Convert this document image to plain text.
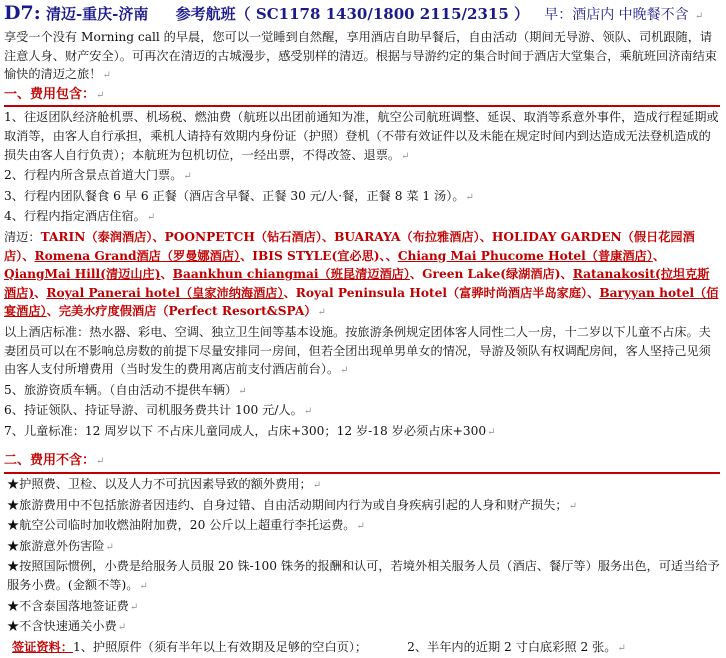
D7: 清迈-重庆-济南 参考航班（ SC1178 1430/1800 2115/2315 ） 早：酒店内 中晚餐不含 ↵

享受一个没有 Morning call 的早晨，您可以一觉睡到自然醒，享用酒店自助早餐后，自由活动（期间无导游、领队、司机跟随，请注意人身、财产安全）。可再次在清迈的古城漫步，感受别样的清迈。根据与导游约定的集合时间于酒店大堂集合，乘航班回济南结束愉快的清迈之旅！↵

一、费用包含：↵

1、往返团队经济舱机票、机场税、燃油费（航班以出团前通知为准，航空公司航班调整、延误、取消等系意外事件，造成行程延期或取消等，由客人自行承担，乘机人请持有效期内身份证（护照）登机（不带有效证件以及未能在规定时间内到达造成无法登机造成的损失由客人自行负责）；本航班为包机切位，一经出票，不得改签、退票。↵

2、行程内所含景点首道大门票。↵

3、行程内团队餐食 6 早 6 正餐（酒店含早餐、正餐 30 元/人·餐，正餐 8 菜 1 汤）。↵

4、行程内指定酒店住宿。↵

清迈：TARIN（泰润酒店）、POONPETCH（钻石酒店）、BUARAYA（布拉雅酒店）、HOLIDAY GARDEN（假日花园酒店）、Romena Grand酒店（罗曼娜酒店）、IBIS STYLE(宜必思)、、Chiang Mai Phucome Hotel（普康酒店）、QiangMai Hill(清迈山庄)、Baankhun chiangmai（班昆清迈酒店）、Green Lake(绿湖酒店)、Ratanakosit(拉坦克斯酒店)、Royal Panerai hotel（皇家沛纳海酒店）、Royal Peninsula Hotel（富骅时尚酒店半岛家庭）、Baryyan hotel（佰宴酒店）、完美水疗度假酒店（Perfect Resort&SPA）↵

以上酒店标准：热水器、彩电、空调、独立卫生间等基本设施。按旅游条例规定团体客人同性二人一房，十二岁以下儿童不占床。夫妻团员可以在不影响总房数的前提下尽量安排同一房间，但若全团出现单男单女的情况，导游及领队有权调配房间，客人坚持己见须由客人支付所增费用（当时发生的费用离店前支付酒店前台）。↵

5、旅游资质车辆。（自由活动不提供车辆）↵

6、持证领队、持证导游、司机服务费共计 100 元/人。↵

7、儿童标准：12 周岁以下 不占床儿童同成人，占床+300；12 岁-18 岁必须占床+300↵

二、费用不含：↵

★护照费、卫检、以及人力不可抗因素导致的额外费用；↵

★旅游费用中不包括旅游者因违约、自身过错、自由活动期间内行为或自身疾病引起的人身和财产损失；↵

★航空公司临时加收燃油附加费，20 公斤以上超重行李托运费。↵

★旅游意外伤害险↵

★按照国际惯例，小费是给服务人员服 20 铢-100 铢务的报酬和认可，若境外相关服务人员（酒店、餐厅等）服务出色，可适当给予服务小费。(金额不等)。↵

★不含泰国落地签证费↵

★不含快速通关小费↵

签证资料：1、护照原件（须有半年以上有效期及足够的空白页）；	2、半年内的近期 2 寸白底彩照 2 张。↵
